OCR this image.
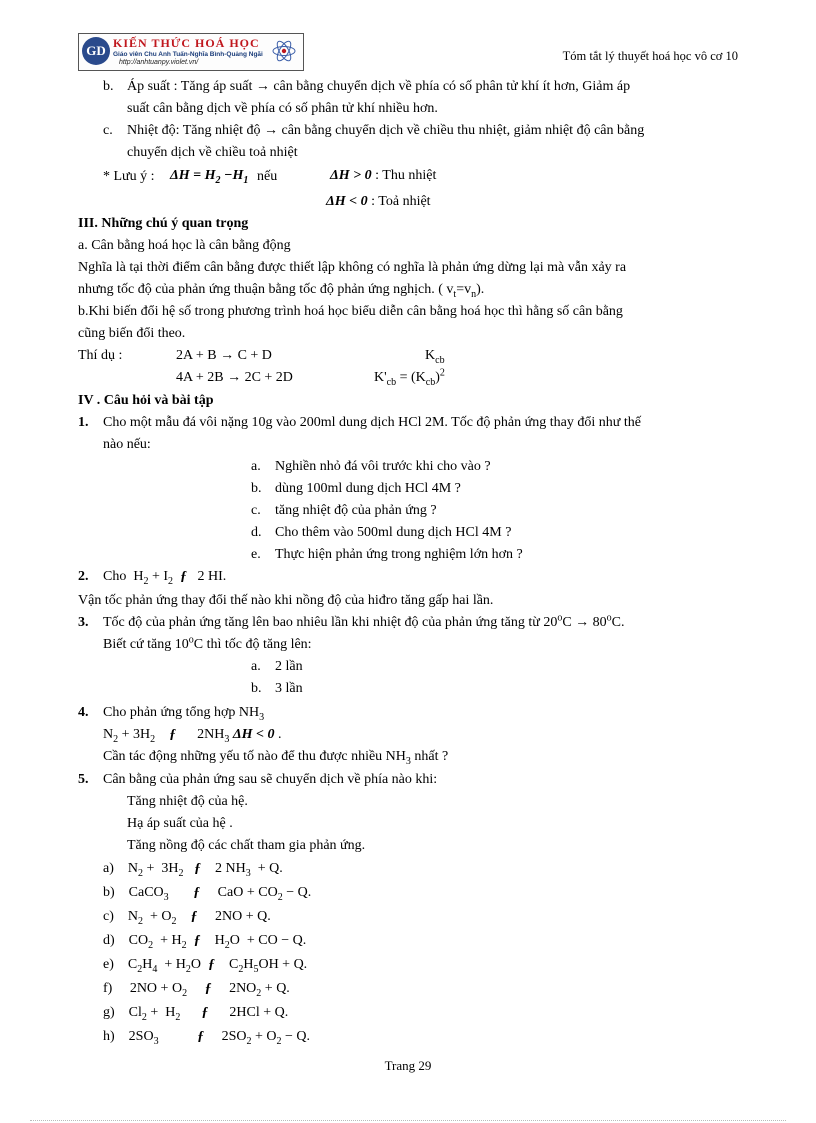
GD KIẾN THỨC HOÁ HỌC
Giáo viên Chu Anh Tuấn-Nghĩa Bình-Quảng Ngãi
http://anhtuanpy.violet.vn/	Tóm tắt lý thuyết hoá học vô cơ 10
b. Áp suất : Tăng áp suất → cân bằng chuyển dịch về phía có số phân tử khí ít hơn, Giảm áp
suất cân bằng dịch về phía có số phân tử khí nhiều hơn.
c. Nhiệt độ: Tăng nhiệt độ → cân bằng chuyển dịch về chiều thu nhiệt, giảm nhiệt độ cân bằng
chuyển dịch về chiều toả nhiệt
* Lưu ý : $\Delta H = H_2 -H_1$ nếu	ΔH > 0 : Thu nhiệt
ΔH < 0 : Toả nhiệt
III. Những chú ý quan trọng
a. Cân bằng hoá học là cân bằng động
Nghĩa là tại thời điểm cân bằng được thiết lập không có nghĩa là phản ứng dừng lại mà vẫn xảy ra
nhưng tốc độ của phản ứng thuận bằng tốc độ phản ứng nghịch. ( $v_t=v_n$).
b.Khi biến đổi hệ số trong phương trình hoá học biểu diễn cân bằng hoá học thì hằng số cân bằng
cũng biến đổi theo.
Thí dụ :	2A + B → C + D	$K_{cb}$
4A + 2B → 2C + 2D	$K'_{cb} = (K_{cb})^2$
IV . Câu hỏi và bài tập
1. Cho một mẫu đá vôi nặng 10g vào 200ml dung dịch HCl 2M. Tốc độ phản ứng thay đổi như thế
nào nếu:
a. Nghiền nhỏ đá vôi trước khi cho vào ?
b. dùng 100ml dung dịch HCl 4M ?
c. tăng nhiệt độ của phản ứng ?
d. Cho thêm vào 500ml dung dịch HCl 4M ?
e. Thực hiện phản ứng trong nghiệm lớn hơn ?
2. Cho  $H_2 + I_2$ ƒ  2 HI.
Vận tốc phản ứng thay đổi thế nào khi nồng độ của hiđro tăng gấp hai lần.
3. Tốc độ của phản ứng tăng lên bao nhiêu lần khi nhiệt độ của phản ứng tăng từ $20^oC \to 80^oC$.
Biết cứ tăng 10$^o$C thì tốc độ tăng lên:
a. 2 lần
b. 3 lần
4. Cho phản ứng tổng hợp $NH_3$
$N_2 + 3H_2$ ƒ     $2NH_3$ ΔH < 0 .
Cần tác động những yếu tố nào để thu được nhiều $NH_3$ nhất ?
5. Cân bằng của phản ứng sau sẽ chuyển dịch về phía nào khi:
Tăng nhiệt độ của hệ.
Hạ áp suất của hệ .
Tăng nồng độ các chất tham gia phản ứng.
a)    $N_2 + 3H_2$ ƒ   2 $NH_3 + Q$.
b)    CaCO$_3$ ƒ    CaO + $CO_2 - Q$.
c)    $N_2 + O_2$ ƒ    2NO + Q.
d)    $CO_2 + H_2$ ƒ   $H_2O$  + CO − Q.
e)    $C_2H_4 + H_2O$ ƒ   $C_2H_5OH + Q$.
f)     $2NO + O_2$ ƒ    $2NO_2 + Q$.
g)    $Cl_2 + H_2$ ƒ     2HCl + Q.
h)    $2SO_3$	ƒ    $2SO_2 + O_2 - Q$.
Trang 29
